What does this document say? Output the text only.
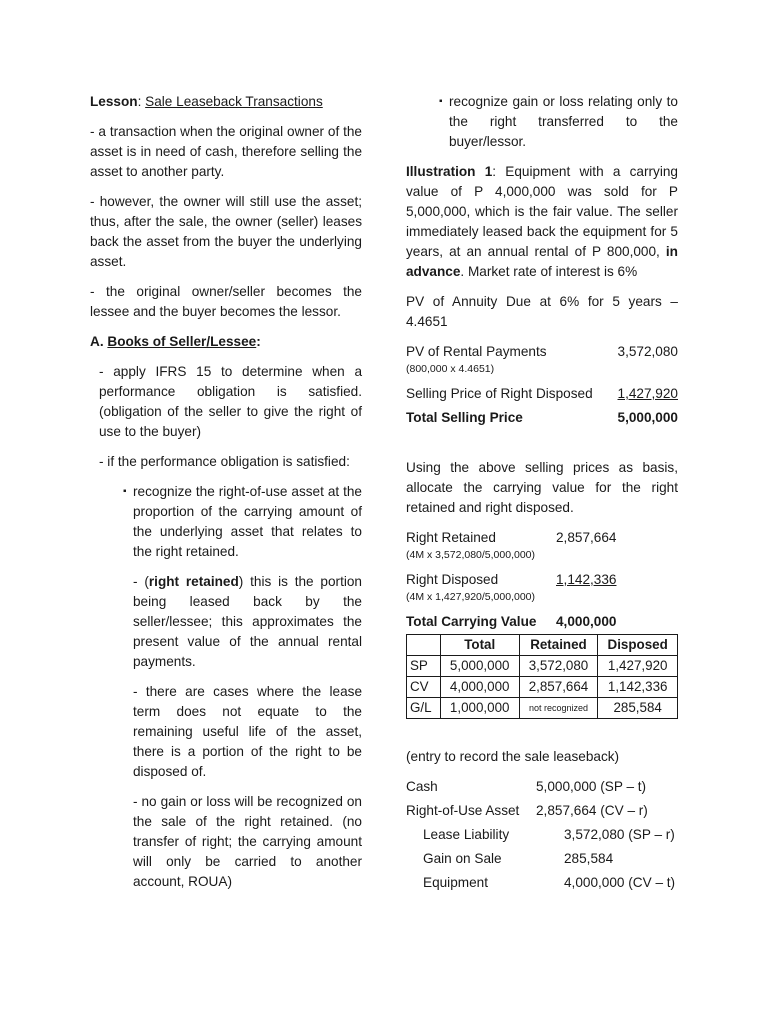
Lesson: Sale Leaseback Transactions

- a transaction when the original owner of the asset is in need of cash, therefore selling the asset to another party.

- however, the owner will still use the asset; thus, after the sale, the owner (seller) leases back the asset from the buyer the underlying asset.

- the original owner/seller becomes the lessee and the buyer becomes the lessor.

A. Books of Seller/Lessee:

- apply IFRS 15 to determine when a performance obligation is satisfied. (obligation of the seller to give the right of use to the buyer)

- if the performance obligation is satisfied:

▪ recognize the right-of-use asset at the proportion of the carrying amount of the underlying asset that relates to the right retained.

- (right retained) this is the portion being leased back by the seller/lessee; this approximates the present value of the annual rental payments.

- there are cases where the lease term does not equate to the remaining useful life of the asset, there is a portion of the right to be disposed of.

- no gain or loss will be recognized on the sale of the right retained. (no transfer of right; the carrying amount will only be carried to another account, ROUA)

▪ recognize gain or loss relating only to the right transferred to the buyer/lessor.

Illustration 1: Equipment with a carrying value of P 4,000,000 was sold for P 5,000,000, which is the fair value. The seller immediately leased back the equipment for 5 years, at an annual rental of P 800,000, in advance. Market rate of interest is 6%

PV of Annuity Due at 6% for 5 years – 4.4651

PV of Rental Payments	3,572,080

(800,000 x 4.4651)

Selling Price of Right Disposed 1,427,920
Total Selling Price	5,000,000

Using the above selling prices as basis, allocate the carrying value for the right retained and right disposed.

Right Retained	2,857,664

(4M x 3,572,080/5,000,000)

Right Disposed	1,142,336

(4M x 1,427,920/5,000,000)

Total Carrying Value	4,000,000
	Total	Retained	Disposed
SP	5,000,000	3,572,080	1,427,920
CV	4,000,000	2,857,664	1,142,336
G/L	1,000,000	not recognized	285,584

(entry to record the sale leaseback)

Cash	5,000,000 (SP – t)
Right-of-Use Asset	2,857,664 (CV – r)
Lease Liability	3,572,080 (SP – r)
Gain on Sale	285,584
Equipment	4,000,000 (CV – t)
